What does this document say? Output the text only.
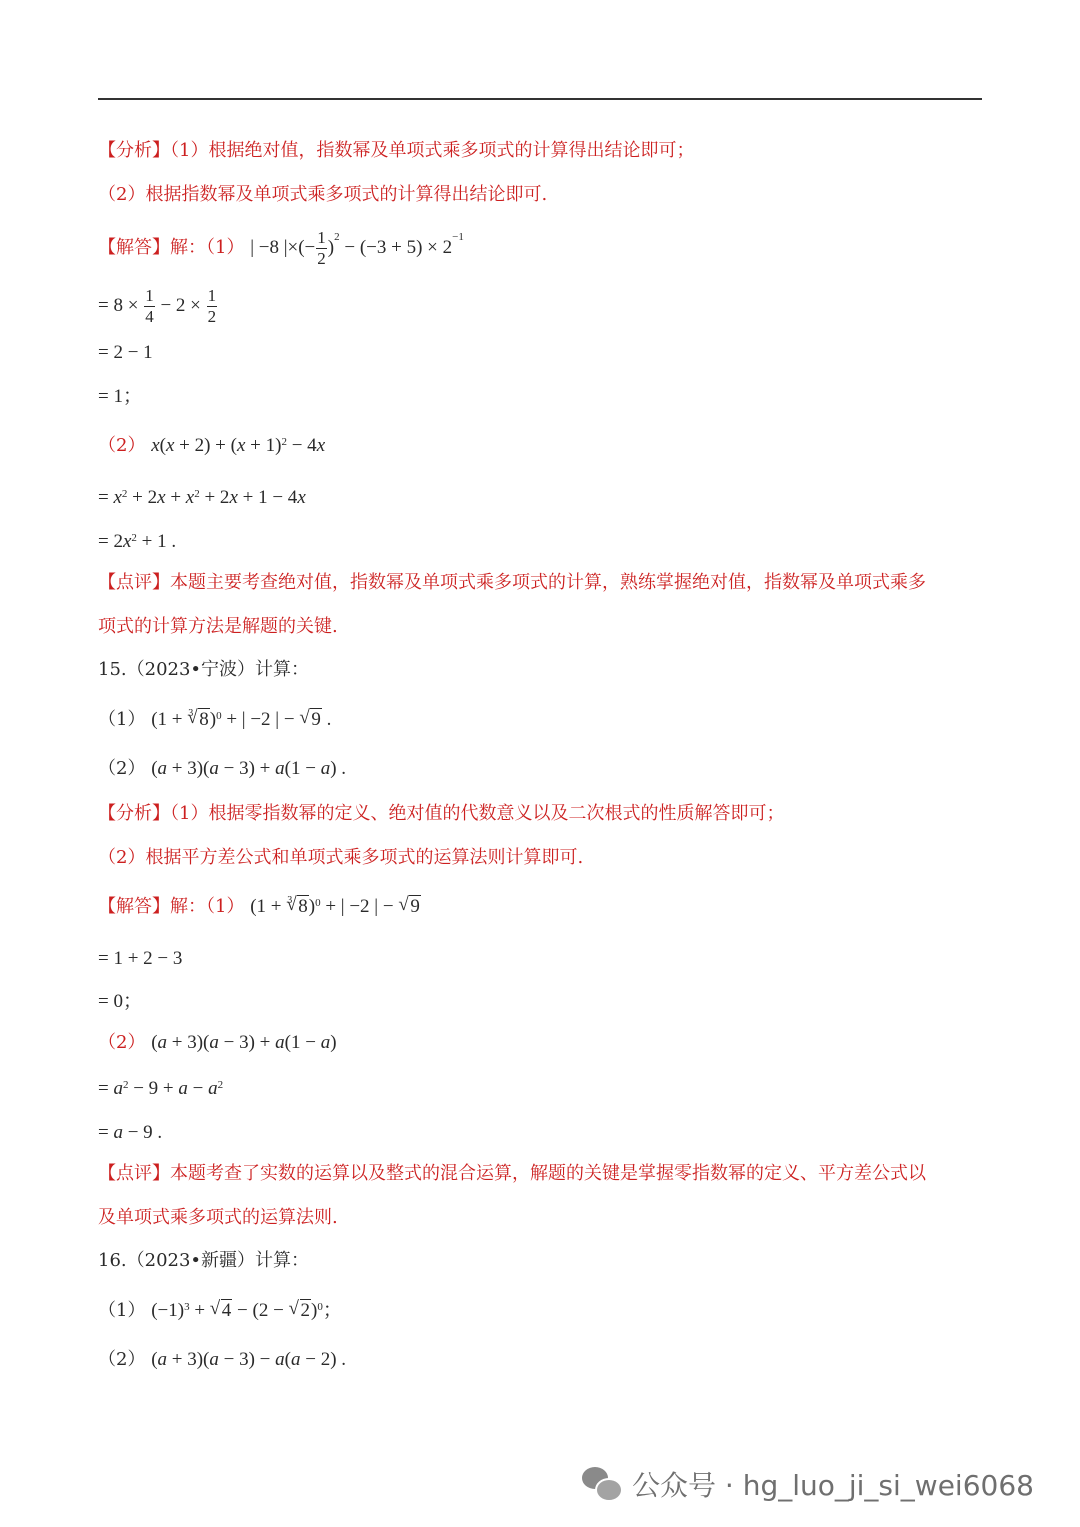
【分析】（1）根据绝对值，指数幂及单项式乘多项式的计算得出结论即可；
（2）根据指数幂及单项式乘多项式的计算得出结论即可.
【解答】解：（1） | −8 |×(− $\frac{1}{2} )^2 - (-3 + 5) \times 2^{-1}$
= $8 \times \frac{1}{4} - 2 \times \frac{1}{2}$
= 2 − 1
= 1；
（2） $x(x + 2) + (x + 1)^2 - 4x$
= $x^2 + 2x + x^2 + 2x + 1 - 4x$
= $2x^2 + 1$ .
【点评】本题主要考查绝对值，指数幂及单项式乘多项式的计算，熟练掌握绝对值，指数幂及单项式乘多
项式的计算方法是解题的关键.
15.（2023•宁波）计算：
（1） (1 + √ 3 8)$^0$ + | −2 | − √ 9 .
（2） (a + 3)(a − 3) + a(1 − a) .
【分析】（1）根据零指数幂的定义、绝对值的代数意义以及二次根式的性质解答即可；
（2）根据平方差公式和单项式乘多项式的运算法则计算即可.
【解答】解：（1） (1 + √ 3 8)$^0$ + | −2 | − √ 9
= 1 + 2 − 3
= 0；
（2） (a + 3)(a − 3) + a(1 − a)
= $a^2 - 9 + a - a^2$
= a − 9 .
【点评】本题考查了实数的运算以及整式的混合运算，解题的关键是掌握零指数幂的定义、平方差公式以
及单项式乘多项式的运算法则.
16.（2023•新疆）计算：
（1） $(-1)^3$ + √ 4 − (2 − √ 2)$^0$；
（2） (a + 3)(a − 3) − a(a − 2) .
公众号 · hg_luo_ji_si_wei6068
